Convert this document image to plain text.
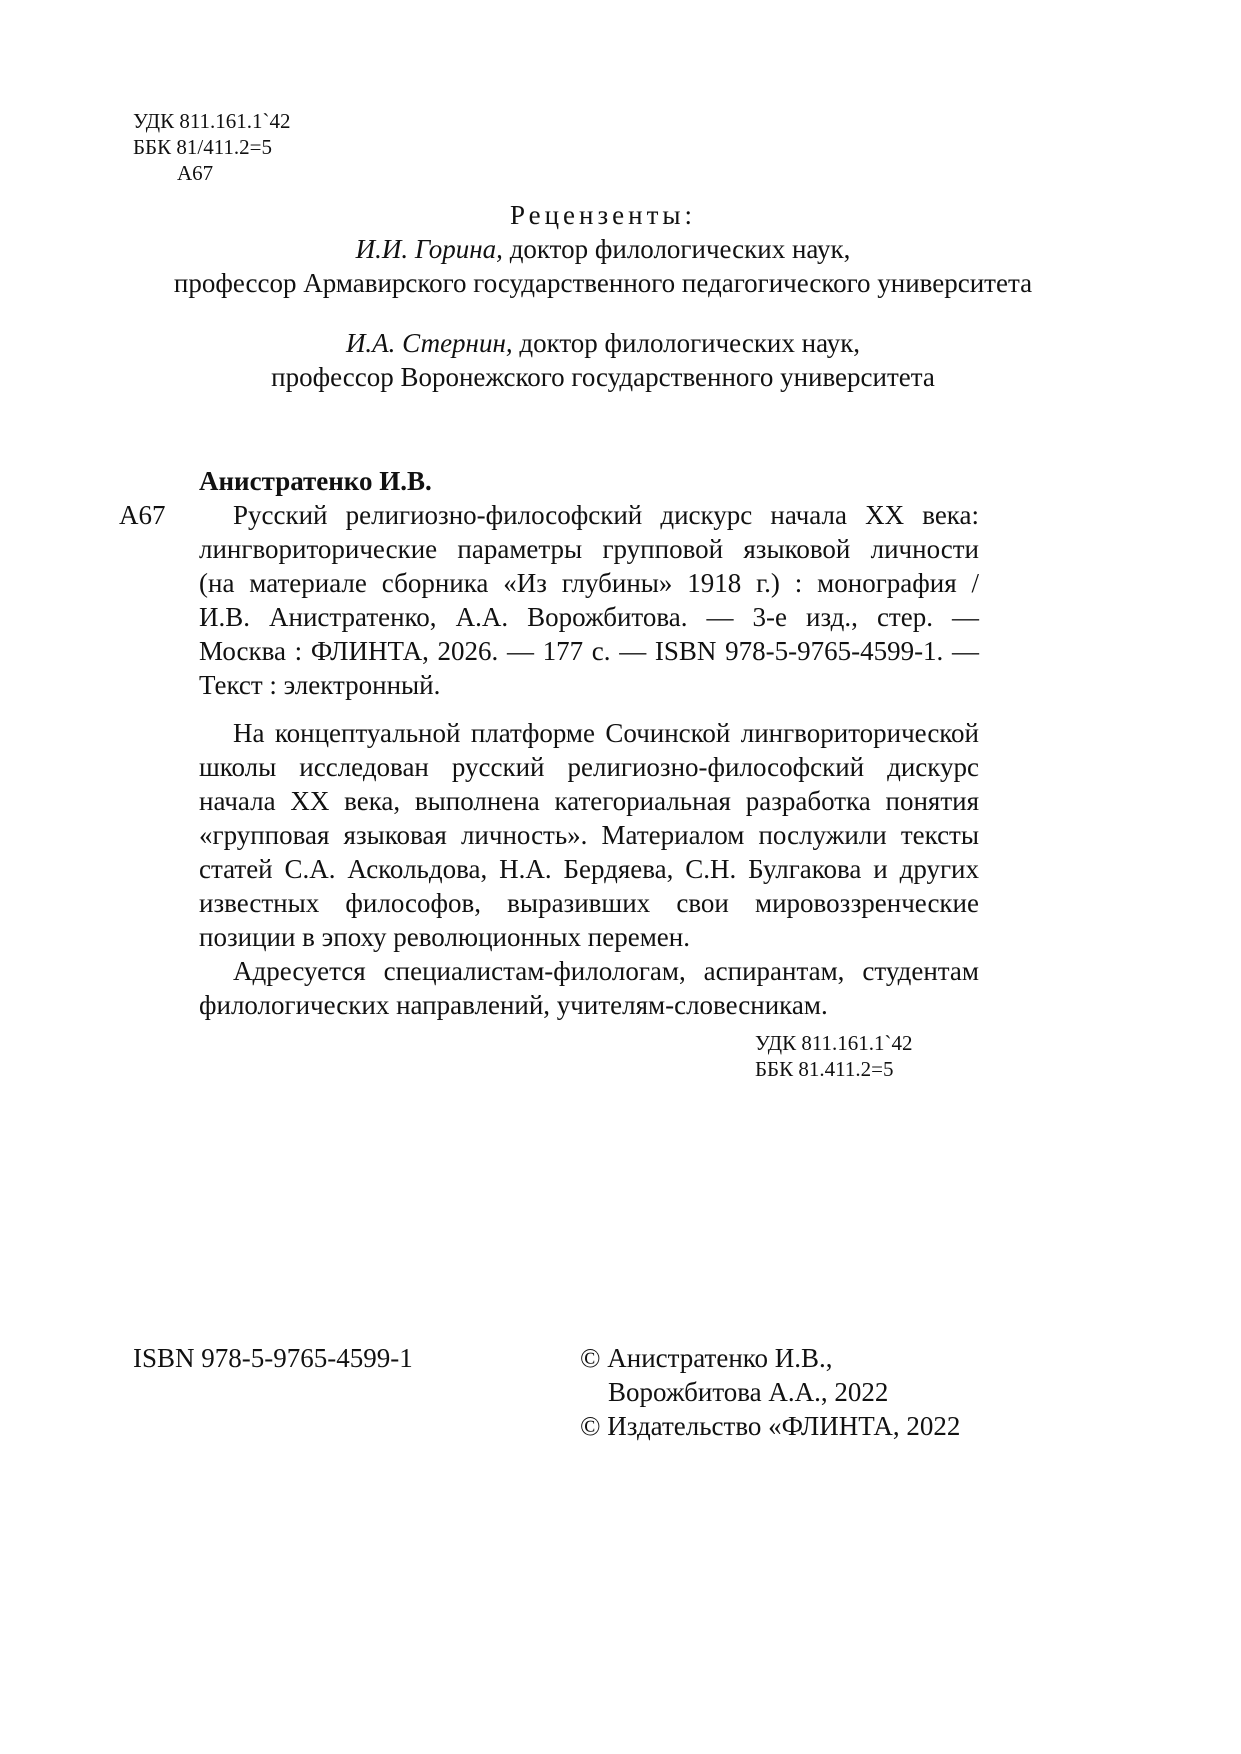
УДК 811.161.1`42
ББК 81/411.2=5
А67
Рецензенты:
И.И. Горина, доктор филологических наук,
профессор Армавирского государственного педагогического университета
И.А. Стернин, доктор филологических наук,
профессор Воронежского государственного университета
Анистратенко И.В.
А67	Русский религиозно-философский дискурс начала XX века:
лингвориторические параметры групповой языковой личности
(на материале сборника «Из глубины» 1918 г.) : монография /
И.В. Анистратенко, А.А. Ворожбитова. — 3-е изд., стер. —
Москва : ФЛИНТА, 2026. — 177 с. — ISBN 978-5-9765-4599-1. —
Текст : электронный.
На концептуальной платформе Сочинской лингвориторической
школы исследован русский религиозно-философский дискурс
начала XX века, выполнена категориальная разработка понятия
«групповая языковая личность». Материалом послужили тексты
статей С.А. Аскольдова, Н.А. Бердяева, С.Н. Булгакова и других
известных философов, выразивших свои мировоззренческие
позиции в эпоху революционных перемен.
Адресуется специалистам-филологам, аспирантам, студентам
филологических направлений, учителям-словесникам.
УДК 811.161.1`42
ББК 81.411.2=5
ISBN 978-5-9765-4599-1	© Анистратенко И.В.,
Ворожбитова А.А., 2022
© Издательство «ФЛИНТА, 2022
